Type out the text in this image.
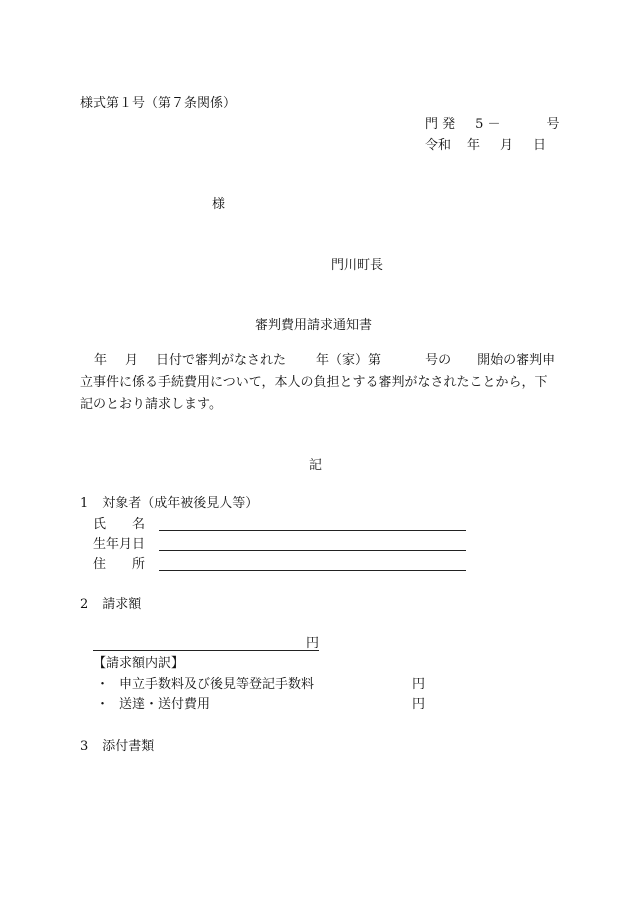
様式第１号（第７条関係）
門 発 5 －	号
令和 年 月 日
様
門川町長
審判費用請求通知書
年 月 日付で審判がなされた 年（家）第	号の 開始の審判申
立事件に係る手続費用について，本人の負担とする審判がなされたことから，下
記のとおり請求します。
記
1 対象者（成年被後見人等）
氏　　名
生年月日
住　　所
2 請求額
円
【請求額内訳】
・ 申立手数料及び後見等登記手数料	円
・ 送達・送付費用	円
3 添付書類
